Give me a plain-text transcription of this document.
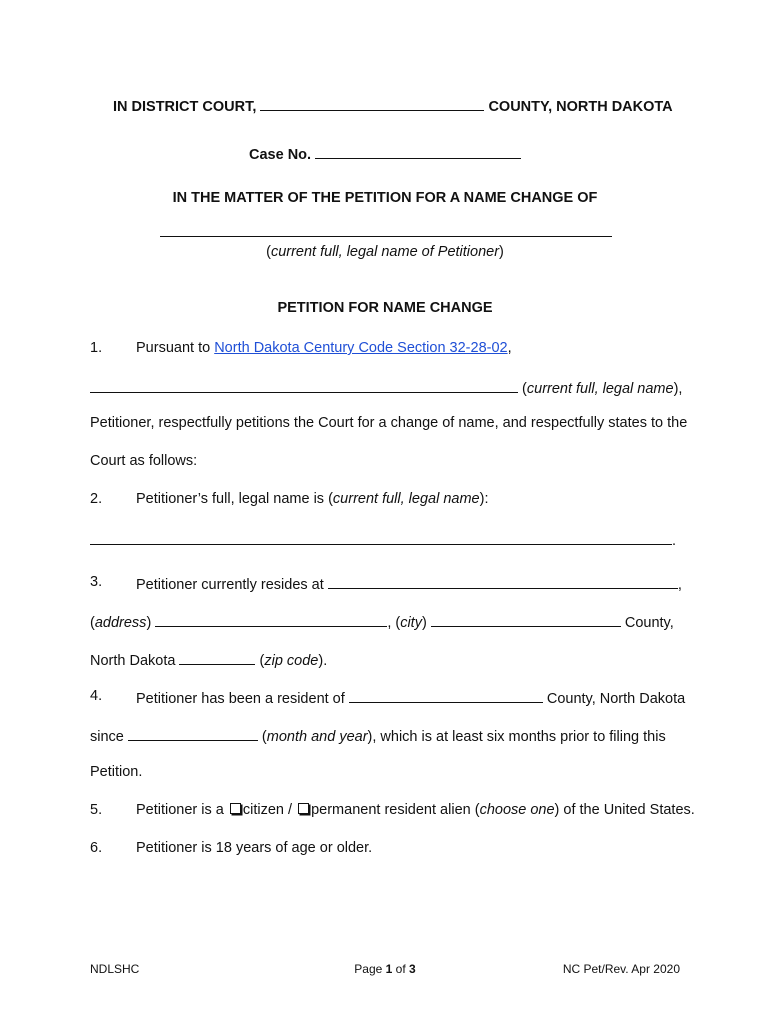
IN DISTRICT COURT,	COUNTY, NORTH DAKOTA
Case No.
IN THE MATTER OF THE PETITION FOR A NAME CHANGE OF
(current full, legal name of Petitioner)
PETITION FOR NAME CHANGE
1. Pursuant to North Dakota Century Code Section 32-28-02,
(current full, legal name),
Petitioner, respectfully petitions the Court for a change of name, and respectfully states to the
Court as follows:
2. Petitioner’s full, legal name is (current full, legal name):
.
3. Petitioner currently resides at	,
(address)	, (city)	County,
North Dakota	(zip code).
4. Petitioner has been a resident of	County, North Dakota
since	(month and year), which is at least six months prior to filing this
Petition.
5. Petitioner is a citizen / permanent resident alien (choose one) of the United States.
6. Petitioner is 18 years of age or older.
NDLSHC	Page 1 of 3	NC Pet/Rev. Apr 2020
